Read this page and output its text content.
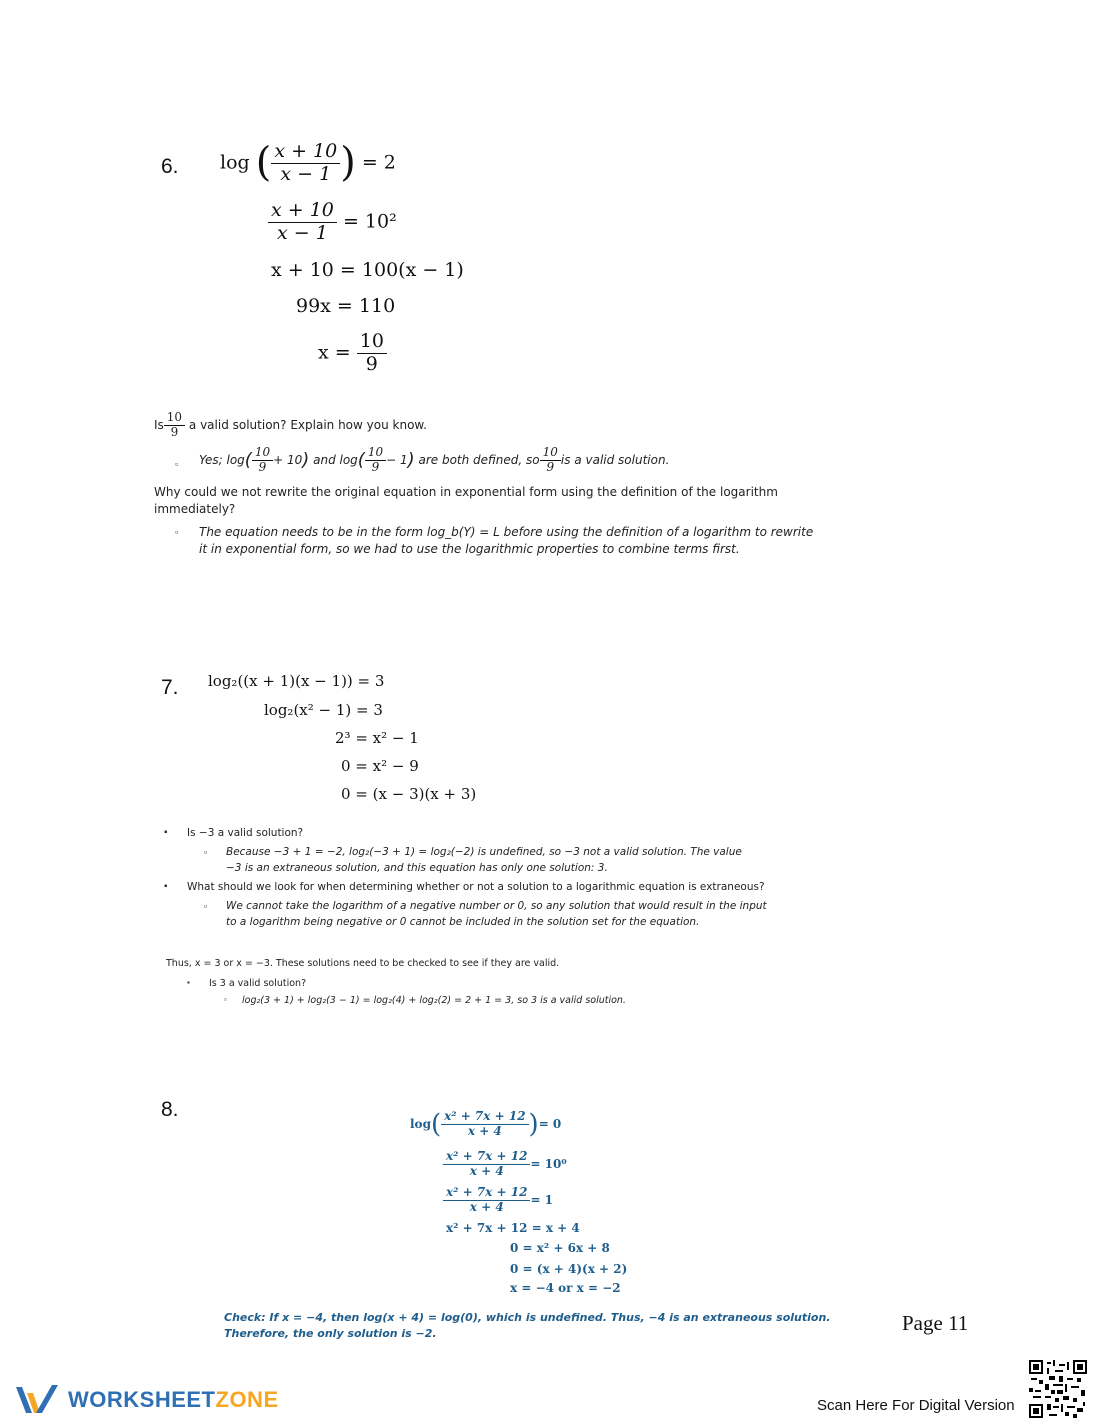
6. log ( $\frac{x + 10}{x - 1}$ ) = 2
$\frac{x + 10}{x - 1} = 10^2$
x + 10 = 100(x − 1)
99x = 110
$x = \frac{10}{9}$
Is $\frac{10}{9}$ a valid solution? Explain how you know.
▫ Yes; $\log( \frac{10}{9} + 10)$ and $\log( \frac{10}{9} - 1)$ are both defined, so $\frac{10}{9}$ is a valid solution.
Why could we not rewrite the original equation in exponential form using the definition of the logarithm
immediately?
▫ The equation needs to be in the form log_b(Y) = L before using the definition of a logarithm to rewrite
it in exponential form, so we had to use the logarithmic properties to combine terms first.
7. log₂((x + 1)(x − 1)) = 3
log₂(x² − 1) = 3
2³ = x² − 1
0 = x² − 9
0 = (x − 3)(x + 3)
▪ Is −3 a valid solution?
▫ Because −3 + 1 = −2, log₂(−3 + 1) = log₂(−2) is undefined, so −3 not a valid solution. The value
−3 is an extraneous solution, and this equation has only one solution: 3.
▪ What should we look for when determining whether or not a solution to a logarithmic equation is extraneous?
▫ We cannot take the logarithm of a negative number or 0, so any solution that would result in the input
to a logarithm being negative or 0 cannot be included in the solution set for the equation.
Thus, x = 3 or x = −3. These solutions need to be checked to see if they are valid.
▪ Is 3 a valid solution?
▫ log₂(3 + 1) + log₂(3 − 1) = log₂(4) + log₂(2) = 2 + 1 = 3, so 3 is a valid solution.
8.
$\log( \frac{\text{x² + 7x + 12}}{x + 4}$ )= 0
$\frac{\text{x² + 7x + 12}}{x + 4} = 10^0$
$\frac{\text{x² + 7x + 12}}{x + 4} = 1$
x² + 7x + 12 = x + 4
0 = x² + 6x + 8
0 = (x + 4)(x + 2)
x = −4 or x = −2
Check: If x = −4, then log(x + 4) = log(0), which is undefined. Thus, −4 is an extraneous solution.
Therefore, the only solution is −2.	Page 11
WORKSHEETZONE	Scan Here For Digital Version
